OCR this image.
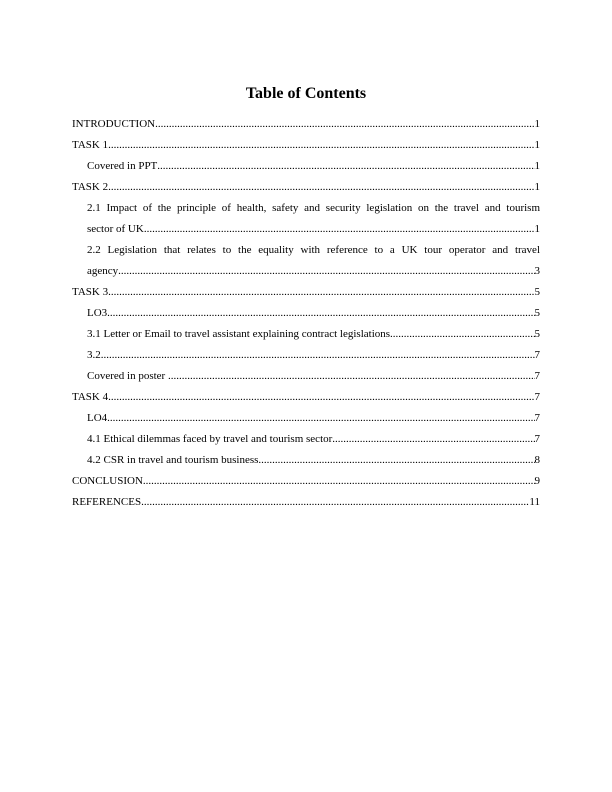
Table of Contents
INTRODUCTION .....	1
TASK 1 .....	1
Covered in PPT .....	1
TASK 2 .....	1
2.1 Impact of the principle of health, safety and security legislation on the travel and tourism
sector of UK .....	1
2.2 Legislation that relates to the equality with reference to a UK tour operator and travel
agency .....	3
TASK 3 .....	5
LO3 .....	5
3.1 Letter or Email to travel assistant explaining contract legislations .....	5
3.2 .....	7
Covered in poster .....	7
TASK 4 .....	7
LO4 .....	7
4.1 Ethical dilemmas faced by travel and tourism sector .....	7
4.2 CSR in travel and tourism business .....	8
CONCLUSION .....	9
REFERENCES .....	11
